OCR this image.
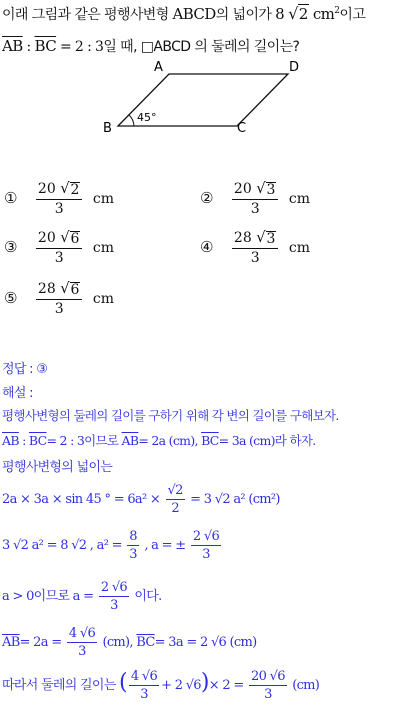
이래 그림과 같은 평행사변형 ABCD의 넓이가 8 √ 2 $cm^2$이고
$\overline{AB}$ : $\overline{BC} = 2$ : 3일 때, □ABCD 의 둘레의 길이는?
A
B	C
D
45°
① $\frac{20 √ 2}{3}$ cm	② $\frac{20 √ 3}{3}$ cm
③ $\frac{20 √ 6}{3}$ cm	④ $\frac{28 √ 3}{3}$ cm
⑤ $\frac{28 √ 6}{3}$ cm
정답 : ③
해설 :
평행사변형의 둘레의 길이를 구하기 위해 각 변의 길이를 구해보자.
$\overline{AB}$ : $\overline{BC}= 2$ : 3이므로 $\overline{AB}= 2a$ (cm), $\overline{BC}= 3a$ (cm)라 하자.
평행사변형의 넓이는
2a × 3a × sin 45 ° = $6a^2 \times \frac{√2}{2} = 3$ √2 a² (cm²)
3 √2 a² = 8 √2 , $a^2 = \frac{8}{3}$ , a = ± $\frac{2 √6}{3}$
a > 0이므로 $a = \frac{2 √6}{3}$ 이다.
$\overline{AB}= 2a = \frac{4 √6}{3} (cm)$, $\overline{BC}= 3a = 2$ √6 (cm)
따라서 둘레의 길이는 ( $\frac{4 √6}{3} + 2$ $√6)\times 2 = \frac{20 √6}{3} (cm)$
